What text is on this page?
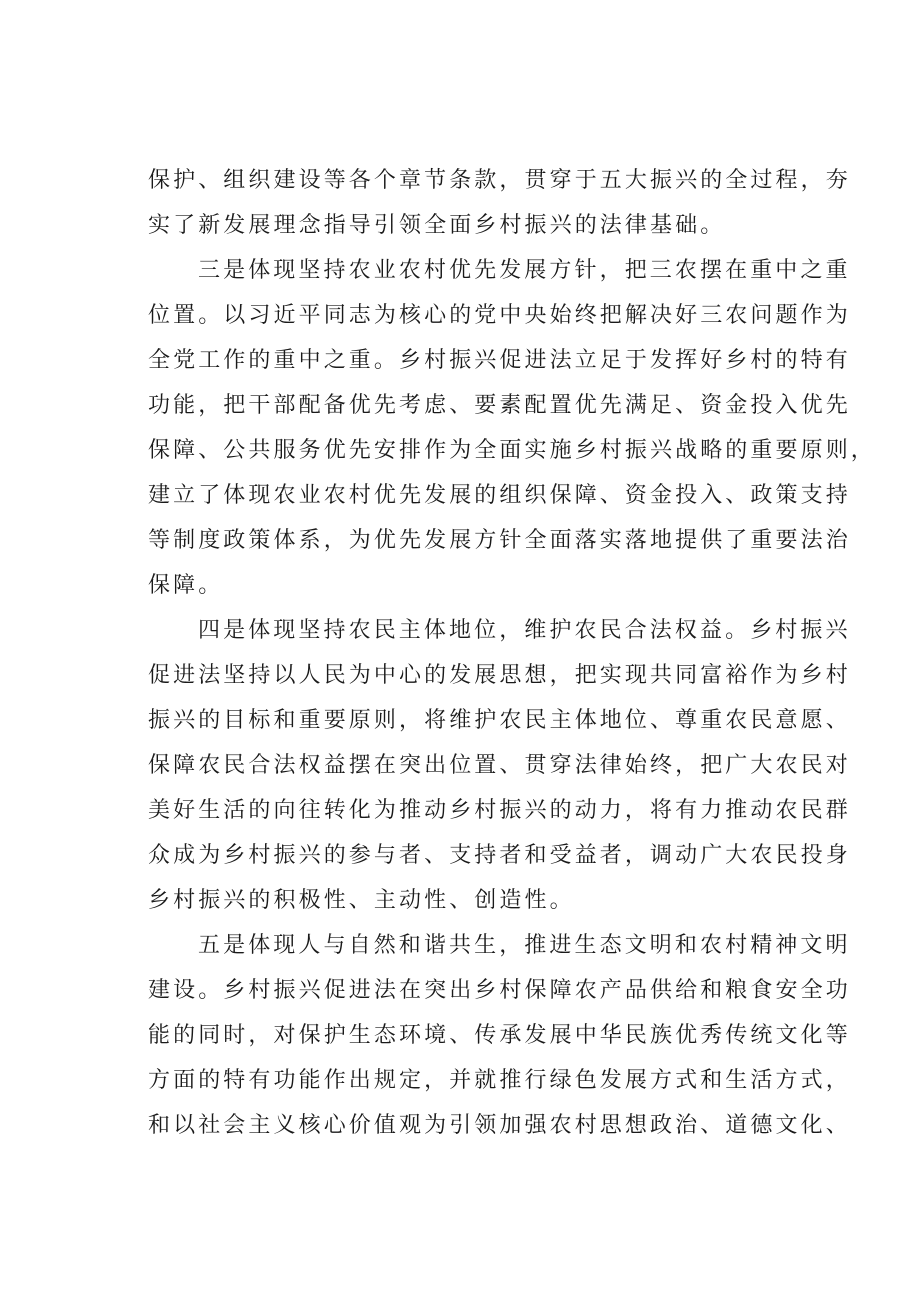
保护、组织建设等各个章节条款，贯穿于五大振兴的全过程，夯

实了新发展理念指导引领全面乡村振兴的法律基础。

三是体现坚持农业农村优先发展方针，把三农摆在重中之重

位置。以习近平同志为核心的党中央始终把解决好三农问题作为

全党工作的重中之重。乡村振兴促进法立足于发挥好乡村的特有

功能，把干部配备优先考虑、要素配置优先满足、资金投入优先

保障、公共服务优先安排作为全面实施乡村振兴战略的重要原则，

建立了体现农业农村优先发展的组织保障、资金投入、政策支持

等制度政策体系，为优先发展方针全面落实落地提供了重要法治

保障。

四是体现坚持农民主体地位，维护农民合法权益。乡村振兴

促进法坚持以人民为中心的发展思想，把实现共同富裕作为乡村

振兴的目标和重要原则，将维护农民主体地位、尊重农民意愿、

保障农民合法权益摆在突出位置、贯穿法律始终，把广大农民对

美好生活的向往转化为推动乡村振兴的动力，将有力推动农民群

众成为乡村振兴的参与者、支持者和受益者，调动广大农民投身

乡村振兴的积极性、主动性、创造性。

五是体现人与自然和谐共生，推进生态文明和农村精神文明

建设。乡村振兴促进法在突出乡村保障农产品供给和粮食安全功

能的同时，对保护生态环境、传承发展中华民族优秀传统文化等

方面的特有功能作出规定，并就推行绿色发展方式和生活方式，

和以社会主义核心价值观为引领加强农村思想政治、道德文化、
